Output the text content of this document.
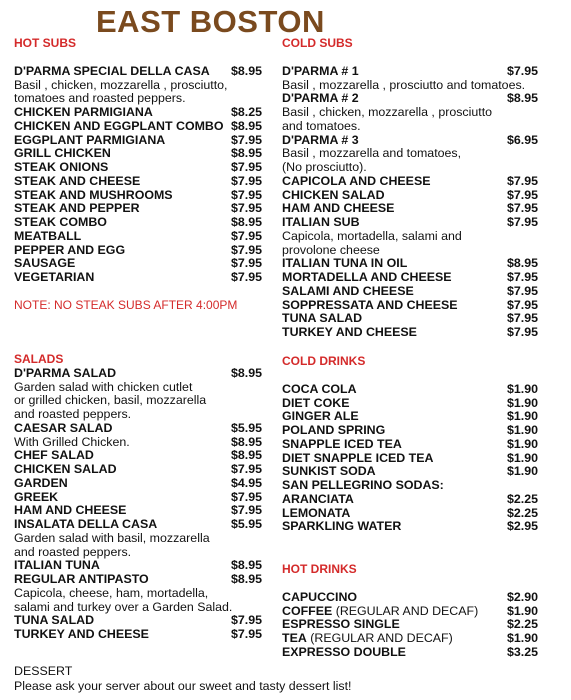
EAST BOSTON
HOT SUBS
D'PARMA SPECIAL DELLA CASA $8.95
Basil , chicken, mozzarella , prosciutto,
tomatoes and roasted peppers.
CHICKEN PARMIGIANA	$8.25
CHICKEN AND EGGPLANT COMBO $8.95
EGGPLANT PARMIGIANA	$7.95
GRILL CHICKEN	$8.95
STEAK ONIONS	$7.95
STEAK AND CHEESE	$7.95
STEAK AND MUSHROOMS	$7.95
STEAK AND PEPPER	$7.95
STEAK COMBO	$8.95
MEATBALL	$7.95
PEPPER AND EGG	$7.95
SAUSAGE	$7.95
VEGETARIAN	$7.95
NOTE: NO STEAK SUBS AFTER 4:00PM
SALADS
D'PARMA SALAD	$8.95
Garden salad with chicken cutlet
or grilled chicken, basil, mozzarella
and roasted peppers.
CAESAR SALAD	$5.95
With Grilled Chicken.	$8.95
CHEF SALAD	$8.95
CHICKEN SALAD	$7.95
GARDEN	$4.95
GREEK	$7.95
HAM AND CHEESE	$7.95
INSALATA DELLA CASA	$5.95
Garden salad with basil, mozzarella
and roasted peppers.
ITALIAN TUNA	$8.95
REGULAR ANTIPASTO	$8.95
Capicola, cheese, ham, mortadella,
salami and turkey over a Garden Salad.
TUNA SALAD	$7.95
TURKEY AND CHEESE	$7.95
COLD SUBS
D'PARMA # 1	$7.95
Basil , mozzarella , prosciutto and tomatoes.
D'PARMA # 2	$8.95
Basil , chicken, mozzarella , prosciutto
and tomatoes.
D'PARMA # 3	$6.95
Basil , mozzarella and tomatoes,
(No prosciutto).
CAPICOLA AND CHEESE	$7.95
CHICKEN SALAD	$7.95
HAM AND CHEESE	$7.95
ITALIAN SUB	$7.95
Capicola, mortadella, salami and
provolone cheese
ITALIAN TUNA IN OIL	$8.95
MORTADELLA AND CHEESE	$7.95
SALAMI AND CHEESE	$7.95
SOPPRESSATA AND CHEESE	$7.95
TUNA SALAD	$7.95
TURKEY AND CHEESE	$7.95
COLD DRINKS
COCA COLA	$1.90
DIET COKE	$1.90
GINGER ALE	$1.90
POLAND SPRING	$1.90
SNAPPLE ICED TEA	$1.90
DIET SNAPPLE ICED TEA	$1.90
SUNKIST SODA	$1.90
SAN PELLEGRINO SODAS:
ARANCIATA	$2.25
LEMONATA	$2.25
SPARKLING WATER	$2.95
HOT DRINKS
CAPUCCINO	$2.90
COFFEE (REGULAR AND DECAF) $1.90
ESPRESSO SINGLE	$2.25
TEA (REGULAR AND DECAF)	$1.90
EXPRESSO DOUBLE	$3.25
DESSERT
Please ask your server about our sweet and tasty dessert list!
